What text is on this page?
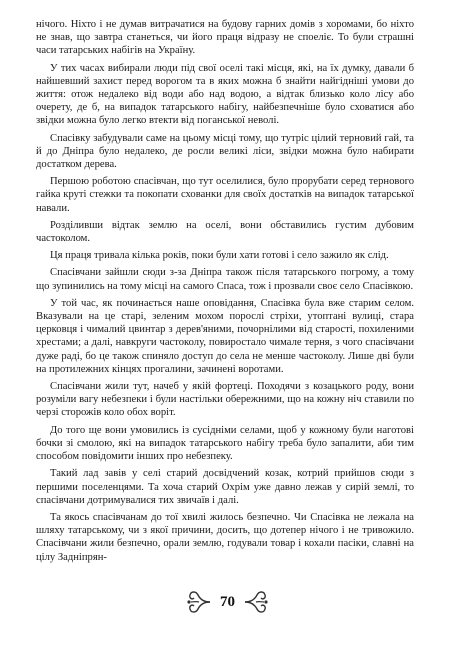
нічого. Ніхто і не думав витрачатися на будову гарних домів з хоромами, бо ніхто не знав, що завтра станеться, чи його праця відразу не споеліє. То були страшні часи татарських набігів на Україну.

У тих часах вибирали люди під свої оселі такі місця, які, на їх думку, давали б найшевший захист перед ворогом та в яких можна б знайти найгідніші умови до життя: отож недалеко від води або над водою, а відтак близько коло лісу або очерету, де б, на випадок татарського набігу, найбезпечніше було сховатися або звідки можна було легко втекти від поганської неволі.

Спасівку забудували саме на цьому місці тому, що тутріс цілий терновий гай, та й до Дніпра було недалеко, де росли великі ліси, звідки можна було набирати достатком дерева.

Першою роботою спасівчан, що тут оселилися, було прорубати серед тернового гайка круті стежки та покопати схованки для своїх достатків на випадок татарської навали.

Розділивши відтак землю на оселі, вони обставились густим дубовим частоколом.

Ця праця тривала кілька років, поки були хати готові і село зажило як слід.

Спасівчани зайшли сюди з-за Дніпра також після татарського погрому, а тому що зупинились на тому місці на самого Спаса, тож і прозвали своє село Спасівкою.

У той час, як починається наше оповідання, Спасівка була вже старим селом. Вказували на це старі, зеленим мохом порослі стріхи, утоптані вулиці, стара церковця і чималий цвинтар з дерев'яними, почорнілими від старості, похиленими хрестами; а далі, навкруги частоколу, повиростало чимале терня, з чого спасівчани дуже раді, бо це також спиняло доступ до села не менше частоколу. Лише дві були на протилежних кінцях прогалини, зачинені воротами.

Спасівчани жили тут, начеб у якій фортеці. Походячи з козацького роду, вони розуміли вагу небезпеки і були настільки обережними, що на кожну ніч ставили по черзі сторожів коло обох воріт.

До того ще вони умовились із сусідніми селами, щоб у кожному були наготові бочки зі смолою, які на випадок татарського набігу треба було запалити, аби тим способом повідомити інших про небезпеку.

Такий лад завів у селі старий досвідчений козак, котрий прийшов сюди з першими поселенцями. Та хоча старий Охрім уже давно лежав у сирій землі, то спасівчани дотримувалися тих звичаїв і далі.

Та якось спасівчанам до тої хвилі жилось безпечно. Чи Спасівка не лежала на шляху татарському, чи з якої причини, досить, що дотепер нічого і не тривожило. Спасівчани жили безпечно, орали землю, годували товар і кохали пасіки, славні на цілу Задніпрян-

70
